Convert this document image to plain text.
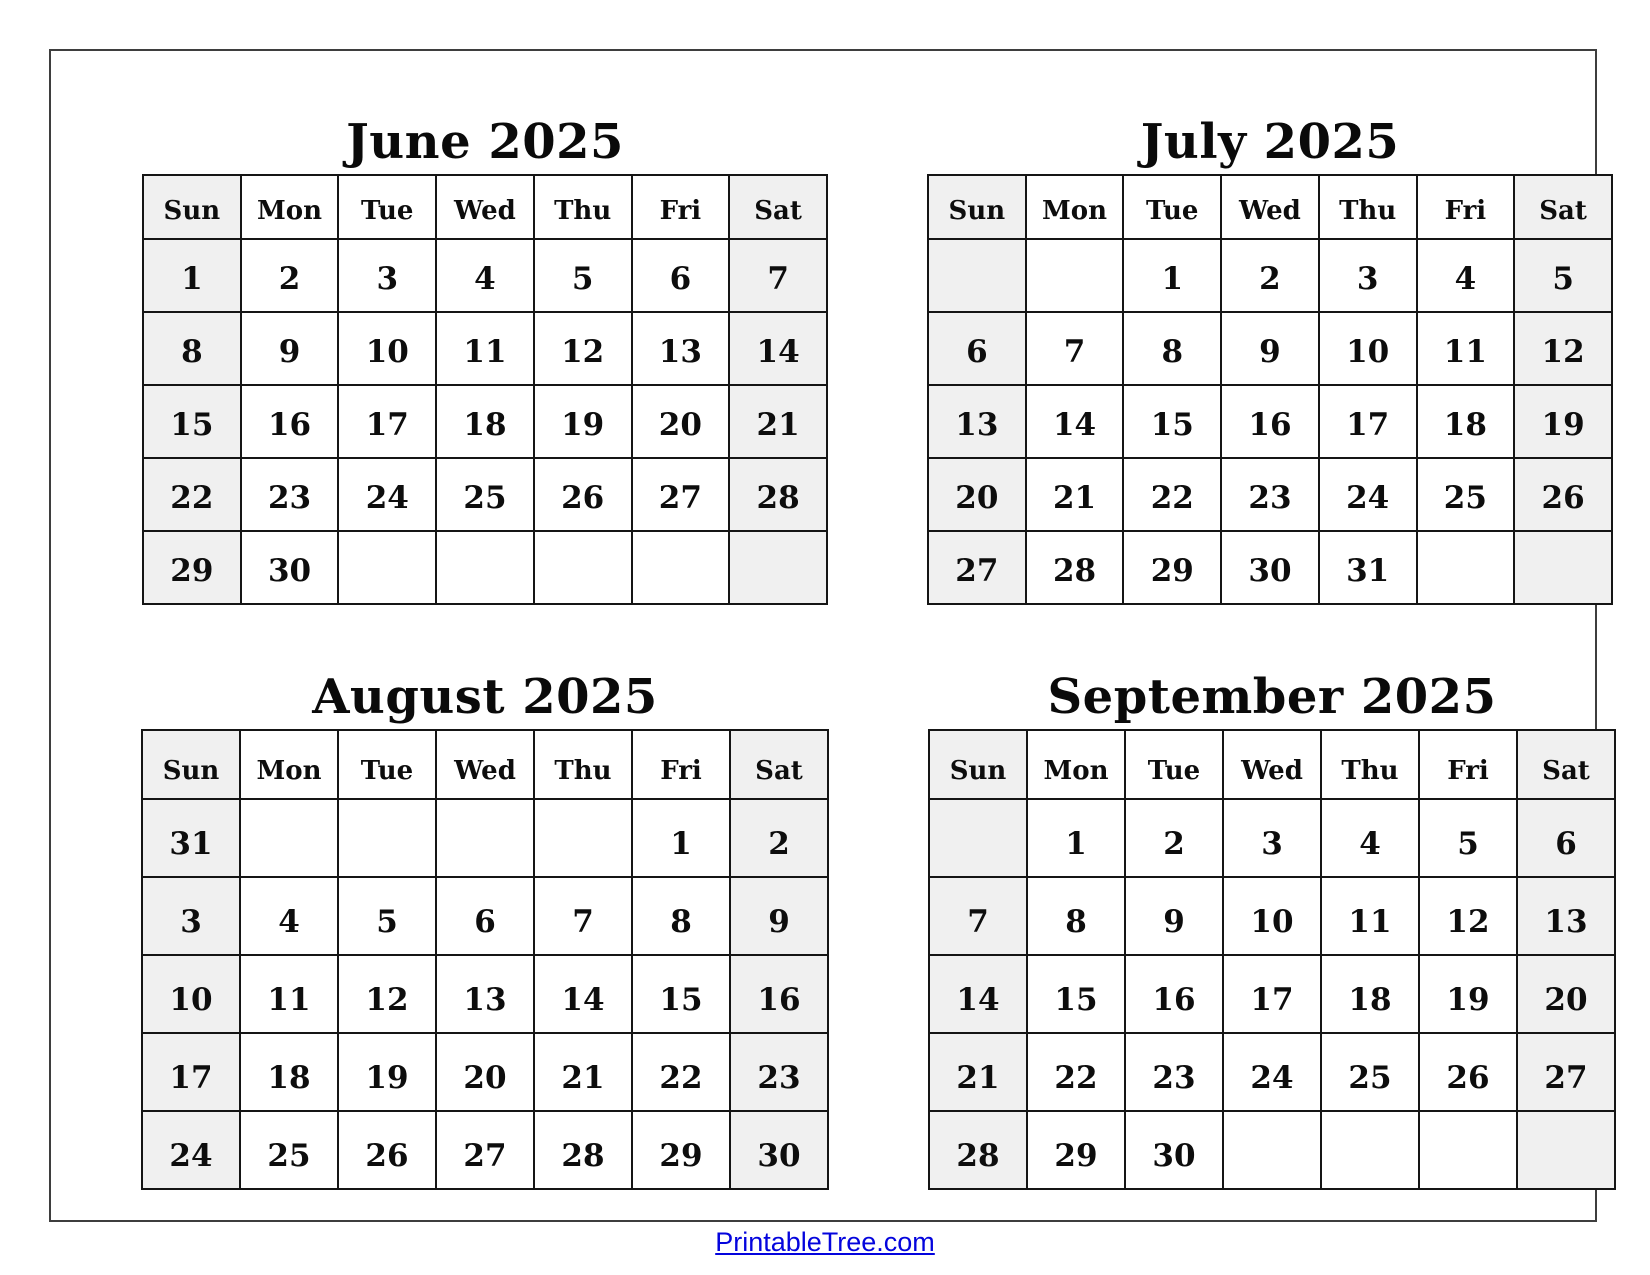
June 2025
Sun	Mon	Tue	Wed	Thu	Fri	Sat
1	2	3	4	5	6	7
8	9	10	11	12	13	14
15	16	17	18	19	20	21
22	23	24	25	26	27	28
29	30					
July 2025
Sun	Mon	Tue	Wed	Thu	Fri	Sat
		1	2	3	4	5
6	7	8	9	10	11	12
13	14	15	16	17	18	19
20	21	22	23	24	25	26
27	28	29	30	31		
August 2025
Sun	Mon	Tue	Wed	Thu	Fri	Sat
31					1	2
3	4	5	6	7	8	9
10	11	12	13	14	15	16
17	18	19	20	21	22	23
24	25	26	27	28	29	30
September 2025
Sun	Mon	Tue	Wed	Thu	Fri	Sat
	1	2	3	4	5	6
7	8	9	10	11	12	13
14	15	16	17	18	19	20
21	22	23	24	25	26	27
28	29	30				
PrintableTree.com
